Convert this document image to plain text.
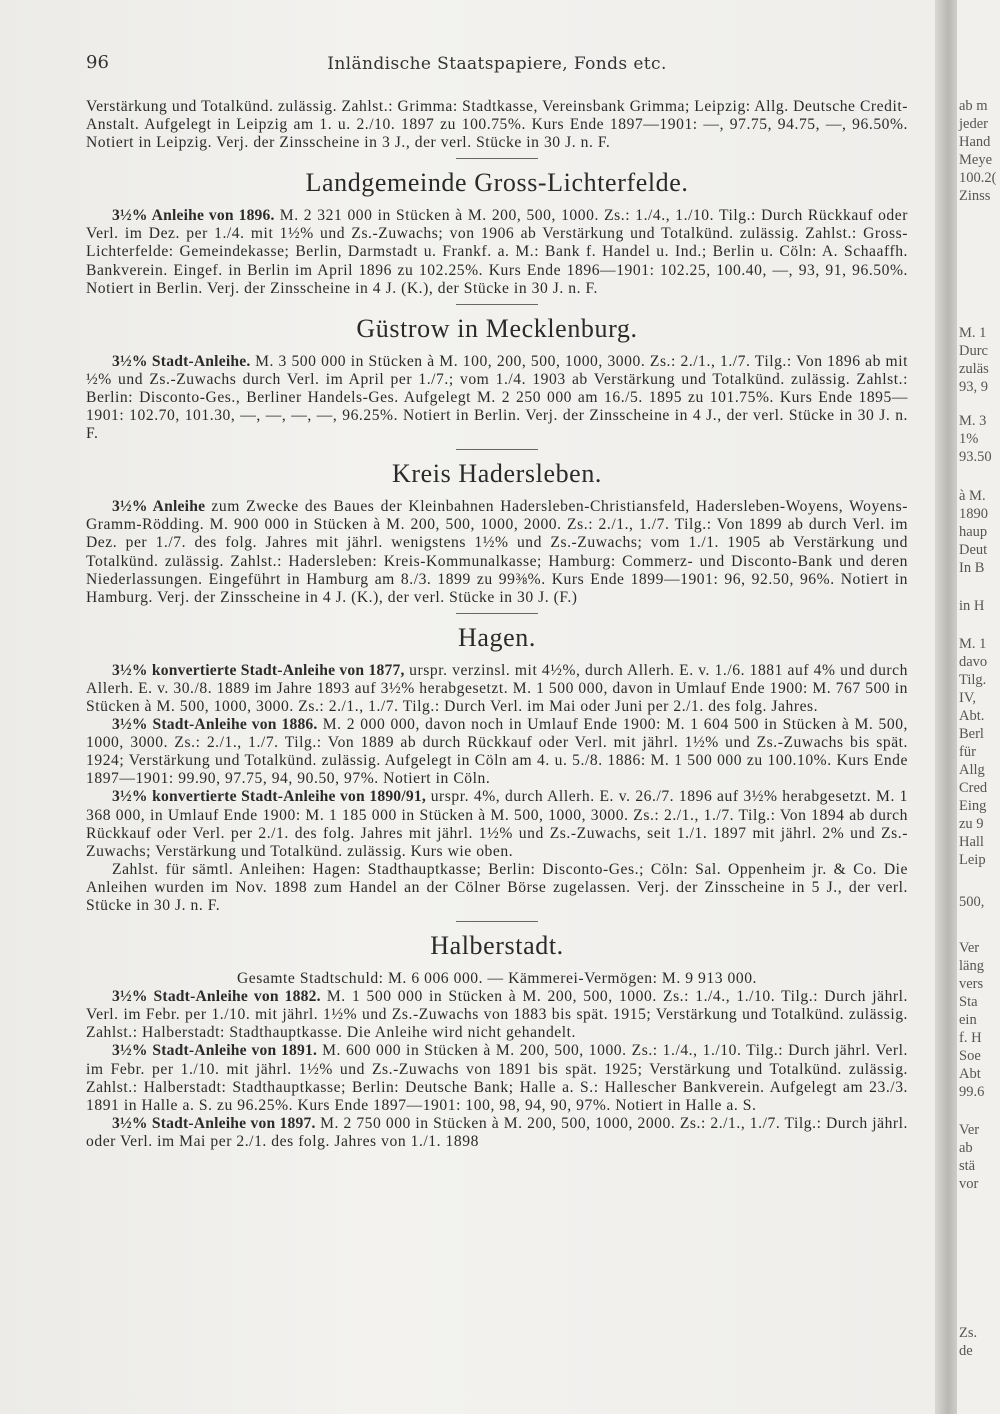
96	Inländische Staatspapiere, Fonds etc.

Verstärkung und Totalkünd. zulässig. Zahlst.: Grimma: Stadtkasse, Vereinsbank Grimma; Leipzig: Allg. Deutsche Credit-Anstalt. Aufgelegt in Leipzig am 1. u. 2./10. 1897 zu 100.75%. Kurs Ende 1897—1901: —, 97.75, 94.75, —, 96.50%. Notiert in Leipzig. Verj. der Zinsscheine in 3 J., der verl. Stücke in 30 J. n. F.

Landgemeinde Gross-Lichterfelde.

3½% Anleihe von 1896. M. 2 321 000 in Stücken à M. 200, 500, 1000. Zs.: 1./4., 1./10. Tilg.: Durch Rückkauf oder Verl. im Dez. per 1./4. mit 1½% und Zs.-Zuwachs; von 1906 ab Verstärkung und Totalkünd. zulässig. Zahlst.: Gross-Lichterfelde: Gemeindekasse; Berlin, Darmstadt u. Frankf. a. M.: Bank f. Handel u. Ind.; Berlin u. Cöln: A. Schaaffh. Bankverein. Eingef. in Berlin im April 1896 zu 102.25%. Kurs Ende 1896—1901: 102.25, 100.40, —, 93, 91, 96.50%. Notiert in Berlin. Verj. der Zinsscheine in 4 J. (K.), der Stücke in 30 J. n. F.

Güstrow in Mecklenburg.

3½% Stadt-Anleihe. M. 3 500 000 in Stücken à M. 100, 200, 500, 1000, 3000. Zs.: 2./1., 1./7. Tilg.: Von 1896 ab mit ½% und Zs.-Zuwachs durch Verl. im April per 1./7.; vom 1./4. 1903 ab Verstärkung und Totalkünd. zulässig. Zahlst.: Berlin: Disconto-Ges., Berliner Handels-Ges. Aufgelegt M. 2 250 000 am 16./5. 1895 zu 101.75%. Kurs Ende 1895—1901: 102.70, 101.30, —, —, —, —, 96.25%. Notiert in Berlin. Verj. der Zinsscheine in 4 J., der verl. Stücke in 30 J. n. F.

Kreis Hadersleben.

3½% Anleihe zum Zwecke des Baues der Kleinbahnen Hadersleben-Christiansfeld, Hadersleben-Woyens, Woyens-Gramm-Rödding. M. 900 000 in Stücken à M. 200, 500, 1000, 2000. Zs.: 2./1., 1./7. Tilg.: Von 1899 ab durch Verl. im Dez. per 1./7. des folg. Jahres mit jährl. wenigstens 1½% und Zs.-Zuwachs; vom 1./1. 1905 ab Verstärkung und Totalkünd. zulässig. Zahlst.: Hadersleben: Kreis-Kommunalkasse; Hamburg: Commerz- und Disconto-Bank und deren Niederlassungen. Eingeführt in Hamburg am 8./3. 1899 zu 99⅜%. Kurs Ende 1899—1901: 96, 92.50, 96%. Notiert in Hamburg. Verj. der Zinsscheine in 4 J. (K.), der verl. Stücke in 30 J. (F.)

Hagen.

3½% konvertierte Stadt-Anleihe von 1877, urspr. verzinsl. mit 4½%, durch Allerh. E. v. 1./6. 1881 auf 4% und durch Allerh. E. v. 30./8. 1889 im Jahre 1893 auf 3½% herabgesetzt. M. 1 500 000, davon in Umlauf Ende 1900: M. 767 500 in Stücken à M. 500, 1000, 3000. Zs.: 2./1., 1./7. Tilg.: Durch Verl. im Mai oder Juni per 2./1. des folg. Jahres.

3½% Stadt-Anleihe von 1886. M. 2 000 000, davon noch in Umlauf Ende 1900: M. 1 604 500 in Stücken à M. 500, 1000, 3000. Zs.: 2./1., 1./7. Tilg.: Von 1889 ab durch Rückkauf oder Verl. mit jährl. 1½% und Zs.-Zuwachs bis spät. 1924; Verstärkung und Totalkünd. zulässig. Aufgelegt in Cöln am 4. u. 5./8. 1886: M. 1 500 000 zu 100.10%. Kurs Ende 1897—1901: 99.90, 97.75, 94, 90.50, 97%. Notiert in Cöln.

3½% konvertierte Stadt-Anleihe von 1890/91, urspr. 4%, durch Allerh. E. v. 26./7. 1896 auf 3½% herabgesetzt. M. 1 368 000, in Umlauf Ende 1900: M. 1 185 000 in Stücken à M. 500, 1000, 3000. Zs.: 2./1., 1./7. Tilg.: Von 1894 ab durch Rückkauf oder Verl. per 2./1. des folg. Jahres mit jährl. 1½% und Zs.-Zuwachs, seit 1./1. 1897 mit jährl. 2% und Zs.-Zuwachs; Verstärkung und Totalkünd. zulässig. Kurs wie oben.

Zahlst. für sämtl. Anleihen: Hagen: Stadthauptkasse; Berlin: Disconto-Ges.; Cöln: Sal. Oppenheim jr. & Co. Die Anleihen wurden im Nov. 1898 zum Handel an der Cölner Börse zugelassen. Verj. der Zinsscheine in 5 J., der verl. Stücke in 30 J. n. F.

Halberstadt.

Gesamte Stadtschuld: M. 6 006 000. — Kämmerei-Vermögen: M. 9 913 000.

3½% Stadt-Anleihe von 1882. M. 1 500 000 in Stücken à M. 200, 500, 1000. Zs.: 1./4., 1./10. Tilg.: Durch jährl. Verl. im Febr. per 1./10. mit jährl. 1½% und Zs.-Zuwachs von 1883 bis spät. 1915; Verstärkung und Totalkünd. zulässig. Zahlst.: Halberstadt: Stadthauptkasse. Die Anleihe wird nicht gehandelt.

3½% Stadt-Anleihe von 1891. M. 600 000 in Stücken à M. 200, 500, 1000. Zs.: 1./4., 1./10. Tilg.: Durch jährl. Verl. im Febr. per 1./10. mit jährl. 1½% und Zs.-Zuwachs von 1891 bis spät. 1925; Verstärkung und Totalkünd. zulässig. Zahlst.: Halberstadt: Stadthauptkasse; Berlin: Deutsche Bank; Halle a. S.: Hallescher Bankverein. Aufgelegt am 23./3. 1891 in Halle a. S. zu 96.25%. Kurs Ende 1897—1901: 100, 98, 94, 90, 97%. Notiert in Halle a. S.

3½% Stadt-Anleihe von 1897. M. 2 750 000 in Stücken à M. 200, 500, 1000, 2000. Zs.: 2./1., 1./7. Tilg.: Durch jährl. oder Verl. im Mai per 2./1. des folg. Jahres von 1./1. 1898

ab m
jeder
Hand
Meye
100.2(
Zinss
M. 1
Durc
zuläs
93, 9
M. 3
1%
93.50
à M.
1890
haup
Deut
In B
in H
M. 1
davo
Tilg.
IV,
Abt.
Berl
für
Allg
Cred
Eing
zu 9
Hall
Leip
500,
Ver
läng
vers
Sta
ein
f. H
Soe
Abt
99.6
Ver
ab
stä
vor
Zs.
de
